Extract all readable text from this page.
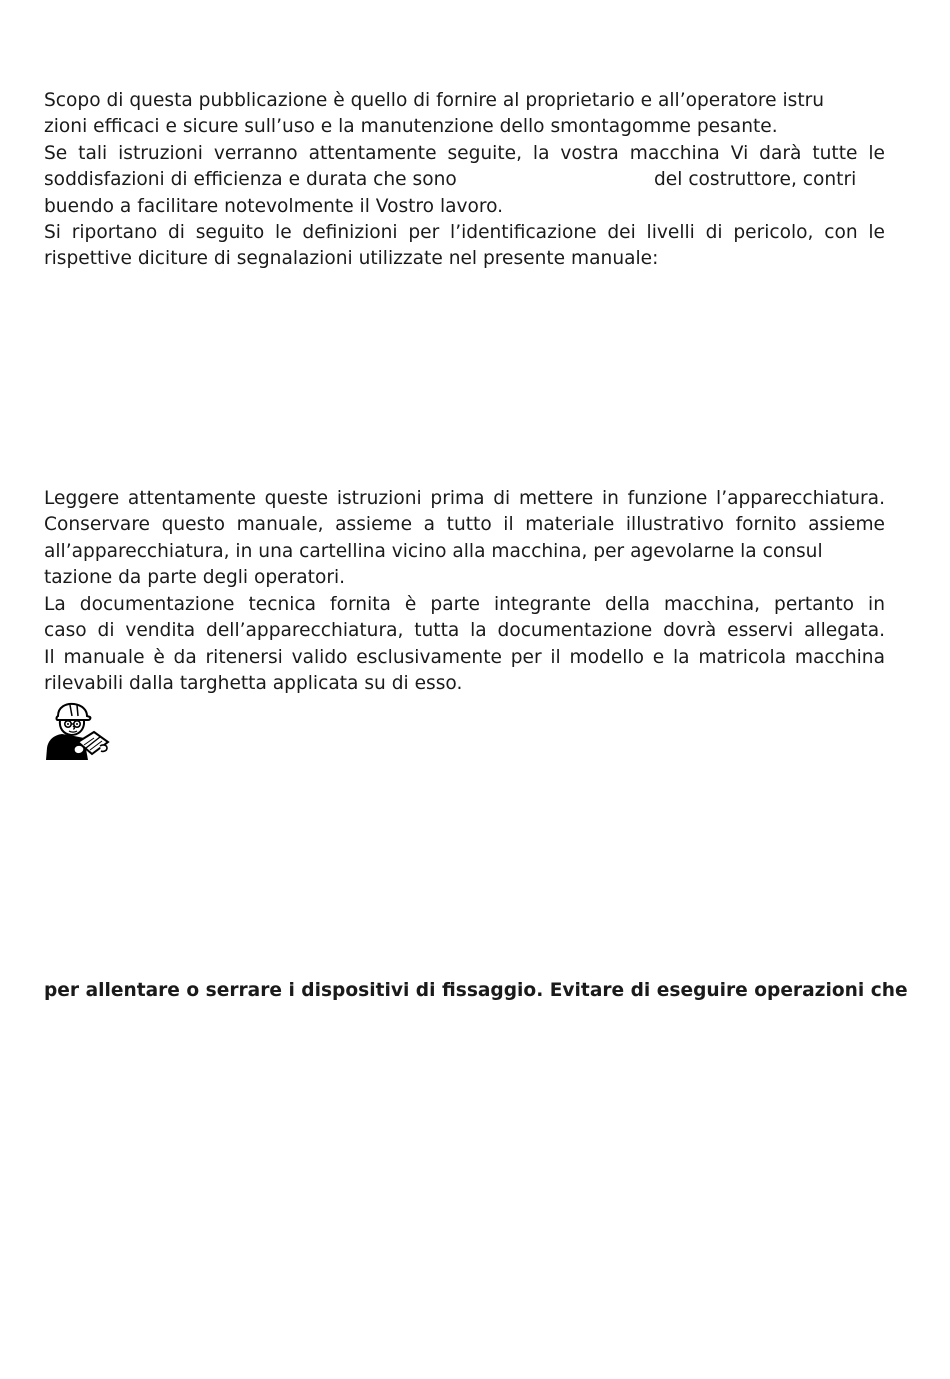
Scopo di questa pubblicazione è quello di fornire al proprietario e all’operatore istru
zioni efficaci e sicure sull’uso e la manutenzione dello smontagomme pesante.
Se tali istruzioni verranno attentamente seguite, la vostra macchina Vi darà tutte le
soddisfazioni di efficienza e durata che sono	del costruttore, contri
buendo a facilitare notevolmente il Vostro lavoro.
Si riportano di seguito le definizioni per l’identificazione dei livelli di pericolo, con le
rispettive diciture di segnalazioni utilizzate nel presente manuale:
Leggere attentamente queste istruzioni prima di mettere in funzione l’apparecchiatura.
Conservare questo manuale, assieme a tutto il materiale illustrativo fornito assieme
all’apparecchiatura, in una cartellina vicino alla macchina, per agevolarne la consul
tazione da parte degli operatori.
La documentazione tecnica fornita è parte integrante della macchina, pertanto in
caso di vendita dell’apparecchiatura, tutta la documentazione dovrà esservi allegata.
Il manuale è da ritenersi valido esclusivamente per il modello e la matricola macchina
rilevabili dalla targhetta applicata su di esso.
per allentare o serrare i dispositivi di fissaggio. Evitare di eseguire operazioni che
